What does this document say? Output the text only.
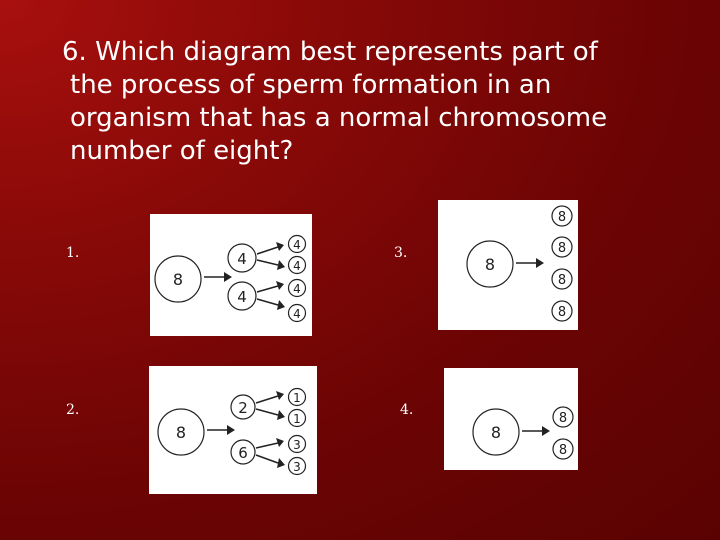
6. Which diagram best represents part of
the process of sperm formation in an
organism that has a normal chromosome
number of eight?
1.
8
4
4
4
4
4
4
2.
8
2
6
1
1
3
3
3.
8
8
8
8
8
4.
8
8
8
